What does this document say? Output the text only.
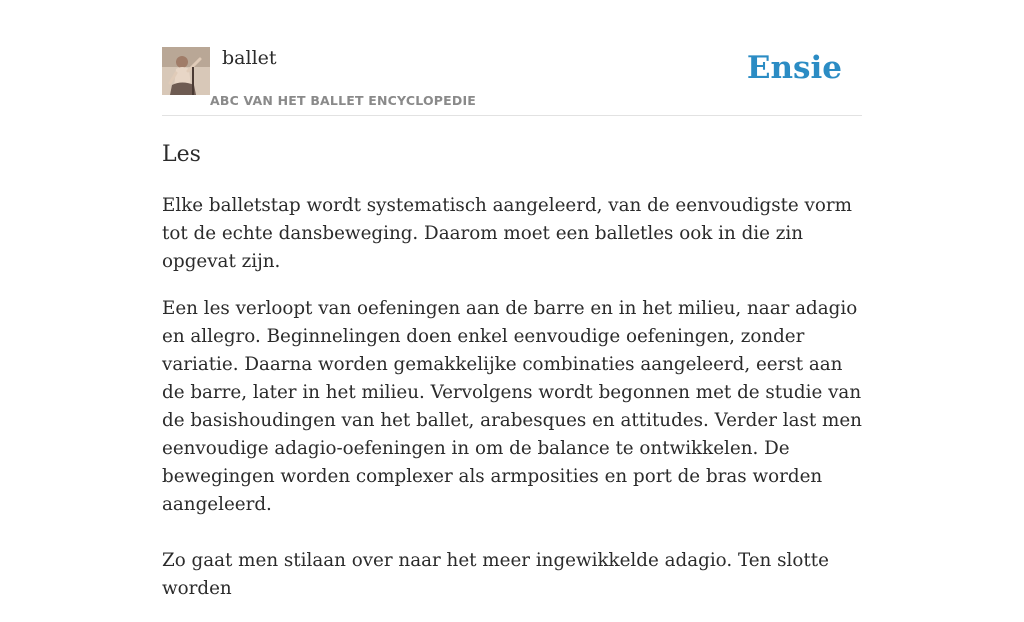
ballet
ABC VAN HET BALLET ENCYCLOPEDIE
Ensie
Les

Elke balletstap wordt systematisch aangeleerd, van de eenvoudigste vorm tot de echte dansbeweging. Daarom moet een balletles ook in die zin opgevat zijn.

Een les verloopt van oefeningen aan de barre en in het milieu, naar adagio en allegro. Beginnelingen doen enkel eenvoudige oefeningen, zonder variatie. Daarna worden gemakkelijke combinaties aangeleerd, eerst aan de barre, later in het milieu. Vervolgens wordt begonnen met de studie van de basishoudingen van het ballet, arabesques en attitudes. Verder last men eenvoudige adagio-oefeningen in om de balance te ontwikkelen. De bewegingen worden complexer als armposities en port de bras worden aangeleerd.

Zo gaat men stilaan over naar het meer ingewikkelde adagio. Ten slotte worden
